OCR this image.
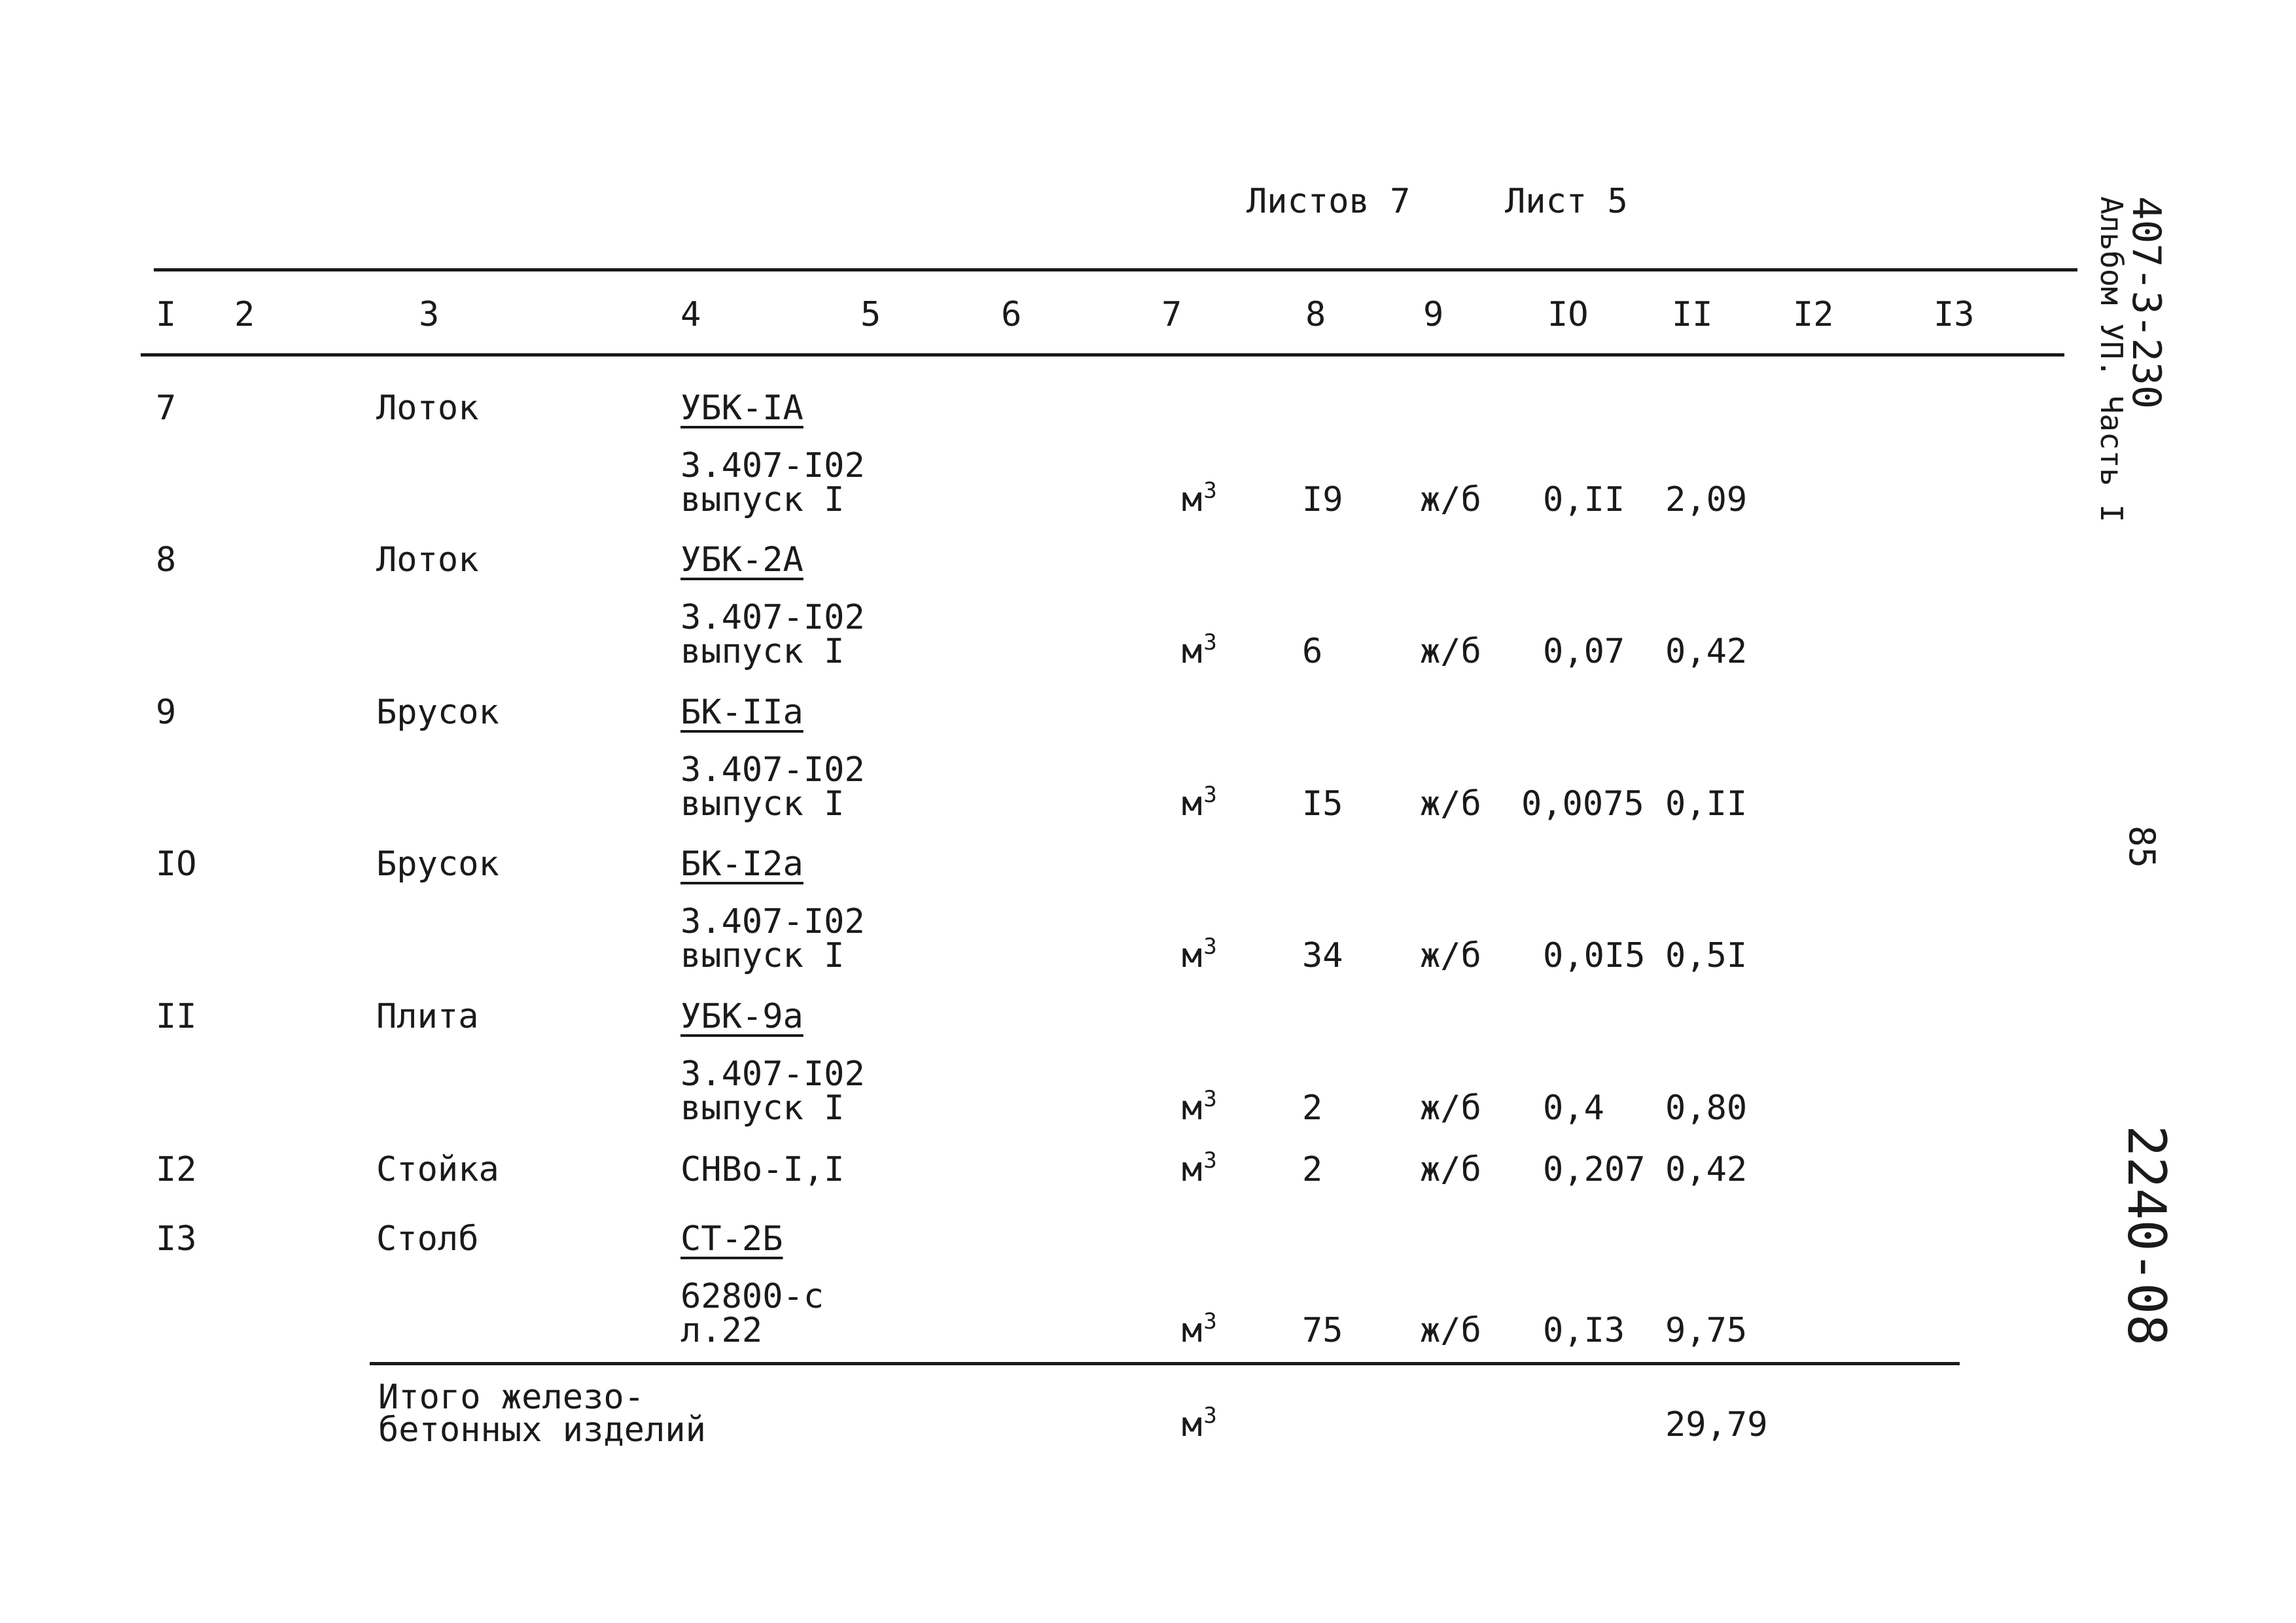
Листов 7	Лист 5
I 2	3	4	5	6	7	8	9	IO II I2	I3
7	Лоток	УБК-IА
3.407-I02
выпуск I	$м^3$	I9 ж/б 0,II 2,09
8	Лоток	УБК-2А
3.407-I02
выпуск I	$м^3$	6	ж/б 0,07 0,42
9	Брусок	БК-IIа
3.407-I02
выпуск I	$м^3$	I5 ж/б 0,0075 0,II
IO	Брусок	БК-I2а
3.407-I02
выпуск I	$м^3$	34 ж/б 0,0I5 0,5I
II	Плита	УБК-9а
3.407-I02
выпуск I	$м^3$	2	ж/б 0,4 0,80
I2	Стойка	СНВо-I,I	$м^3$	2	ж/б 0,207 0,42
I3	Столб	СТ-2Б
62800-с
л.22	$м^3$	75 ж/б 0,I3 9,75
Итого железо-
бетонных изделий	$м^3$	29,79
407-3-230
Альбом УП. Часть I
85
2240-08
